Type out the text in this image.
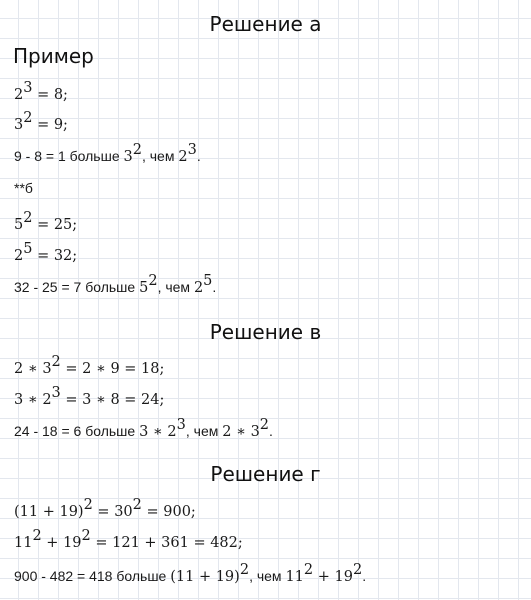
Решение а
Пример
$2^3 = 8$;
$3^2 = 9$;
9 - 8 = 1 больше $3^2$, чем $2^3$.
**б
$5^2 = 25$;
$2^5 = 32$;
32 - 25 = 7 больше $5^2$, чем $2^5$.
Решение в
2 ∗ $3^2 = 2$ ∗ 9 = 18;
3 ∗ $2^3 = 3$ ∗ 8 = 24;
24 - 18 = 6 больше 3 ∗ $2^3$, чем 2 ∗ $3^2$.
Решение г
$(11 + 19)^2 = 30^2 = 900$;
$11^2 + 19^2 = 121 + 361 = 482$;
900 - 482 = 418 больше $(11 + 19)^2$, чем $11^2 + 19^2$.
